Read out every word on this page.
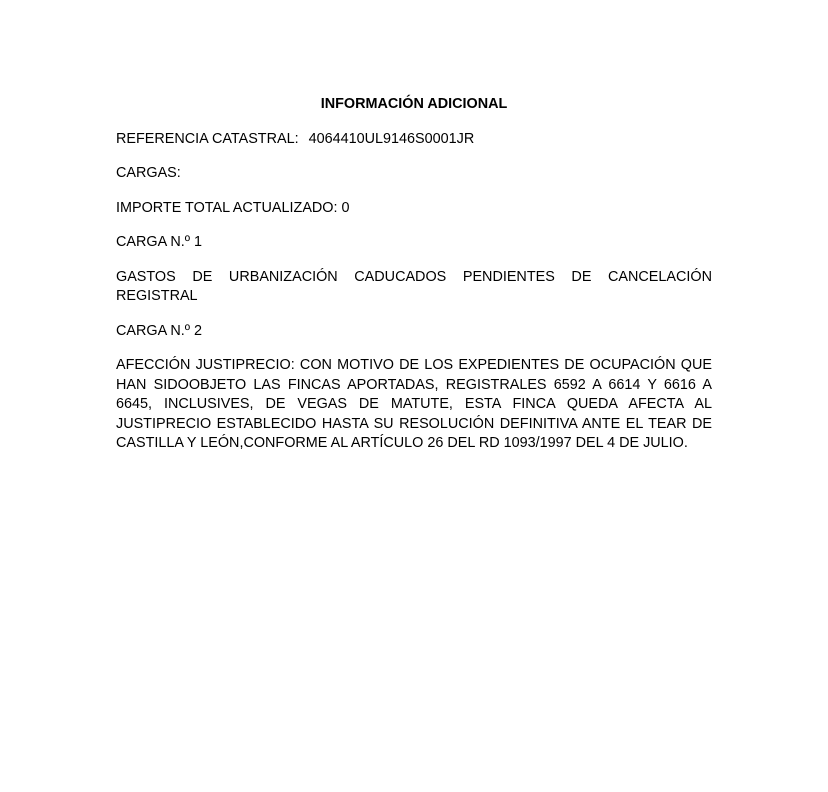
INFORMACIÓN ADICIONAL
REFERENCIA CATASTRAL: 4064410UL9146S0001JR
CARGAS:
IMPORTE TOTAL ACTUALIZADO: 0
CARGA N.º 1
GASTOS DE URBANIZACIÓN CADUCADOS PENDIENTES DE CANCELACIÓN REGISTRAL
CARGA N.º 2
AFECCIÓN JUSTIPRECIO: CON MOTIVO DE LOS EXPEDIENTES DE OCUPACIÓN QUE HAN SIDOOBJETO LAS FINCAS APORTADAS, REGISTRALES 6592 A 6614 Y 6616 A 6645, INCLUSIVES, DE VEGAS DE MATUTE, ESTA FINCA QUEDA AFECTA AL JUSTIPRECIO ESTABLECIDO HASTA SU RESOLUCIÓN DEFINITIVA ANTE EL TEAR DE CASTILLA Y LEÓN,CONFORME AL ARTÍCULO 26 DEL RD 1093/1997 DEL 4 DE JULIO.
